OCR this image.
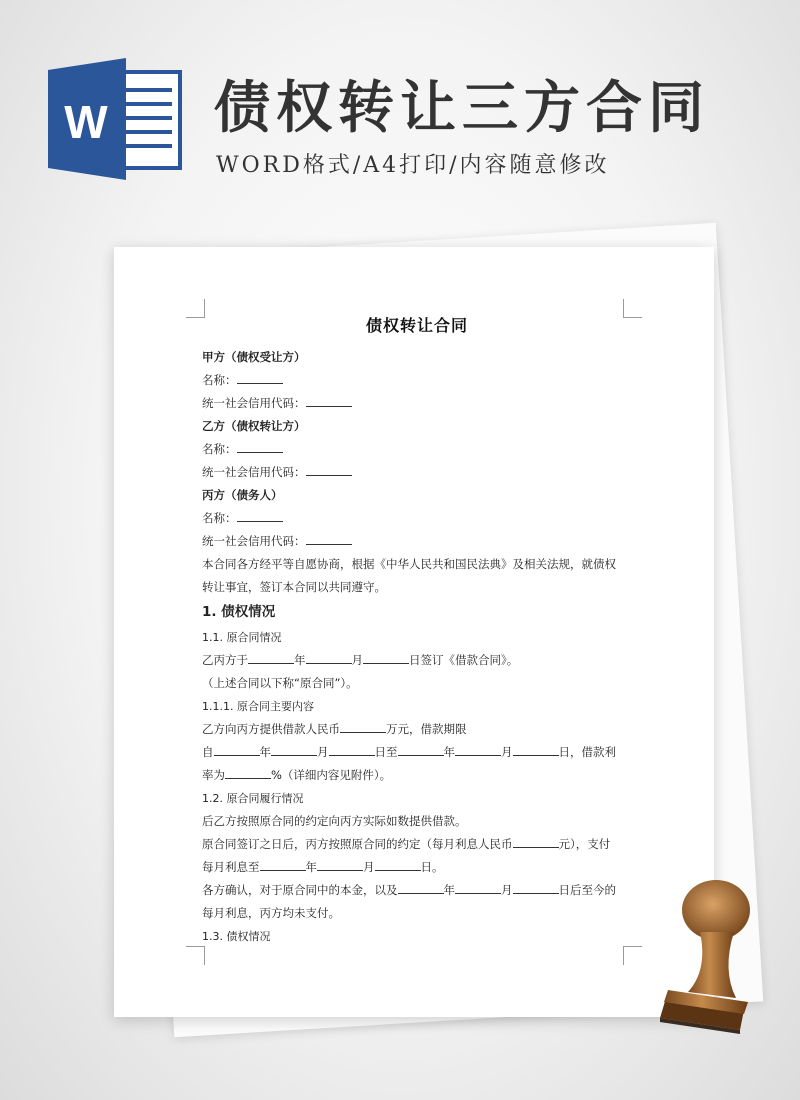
W 债权转让三方合同

WORD格式/A4打印/内容随意修改

债权转让合同
甲方（债权受让方）
名称：
统一社会信用代码：
乙方（债权转让方）
名称：
统一社会信用代码：
丙方（债务人）
名称：
统一社会信用代码：
本合同各方经平等自愿协商，根据《中华人民共和国民法典》及相关法规，就债权
转让事宜，签订本合同以共同遵守。
1. 债权情况
1.1. 原合同情况
乙丙方于	年	月	日签订《借款合同》。
（上述合同以下称“原合同”）。
1.1.1. 原合同主要内容
乙方向丙方提供借款人民币	万元，借款期限
自	年	月	日至	年	月	日，借款利
率为	%（详细内容见附件）。
1.2. 原合同履行情况
后乙方按照原合同的约定向丙方实际如数提供借款。
原合同签订之日后，丙方按照原合同的约定（每月利息人民币	元），支付
每月利息至	年	月	日。
各方确认，对于原合同中的本金，以及	年	月	日后至今的
每月利息，丙方均未支付。
1.3. 债权情况
